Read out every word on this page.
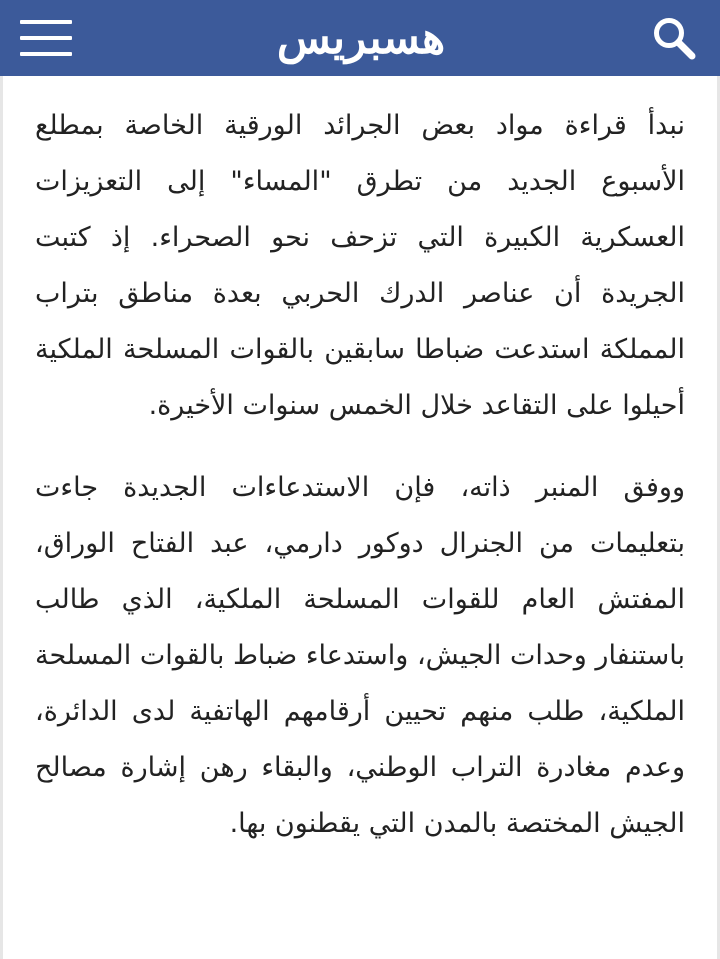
هسبريس

نبدأ قراءة مواد بعض الجرائد الورقية الخاصة بمطلع الأسبوع الجديد من تطرق "المساء" إلى التعزيزات العسكرية الكبيرة التي تزحف نحو الصحراء. إذ كتبت الجريدة أن عناصر الدرك الحربي بعدة مناطق بتراب المملكة استدعت ضباطا سابقين بالقوات المسلحة الملكية أحيلوا على التقاعد خلال الخمس سنوات الأخيرة.

ووفق المنبر ذاته، فإن الاستدعاءات الجديدة جاءت بتعليمات من الجنرال دوكور دارمي، عبد الفتاح الوراق، المفتش العام للقوات المسلحة الملكية، الذي طالب باستنفار وحدات الجيش، واستدعاء ضباط بالقوات المسلحة الملكية، طلب منهم تحيين أرقامهم الهاتفية لدى الدائرة، وعدم مغادرة التراب الوطني، والبقاء رهن إشارة مصالح الجيش المختصة بالمدن التي يقطنون بها.
